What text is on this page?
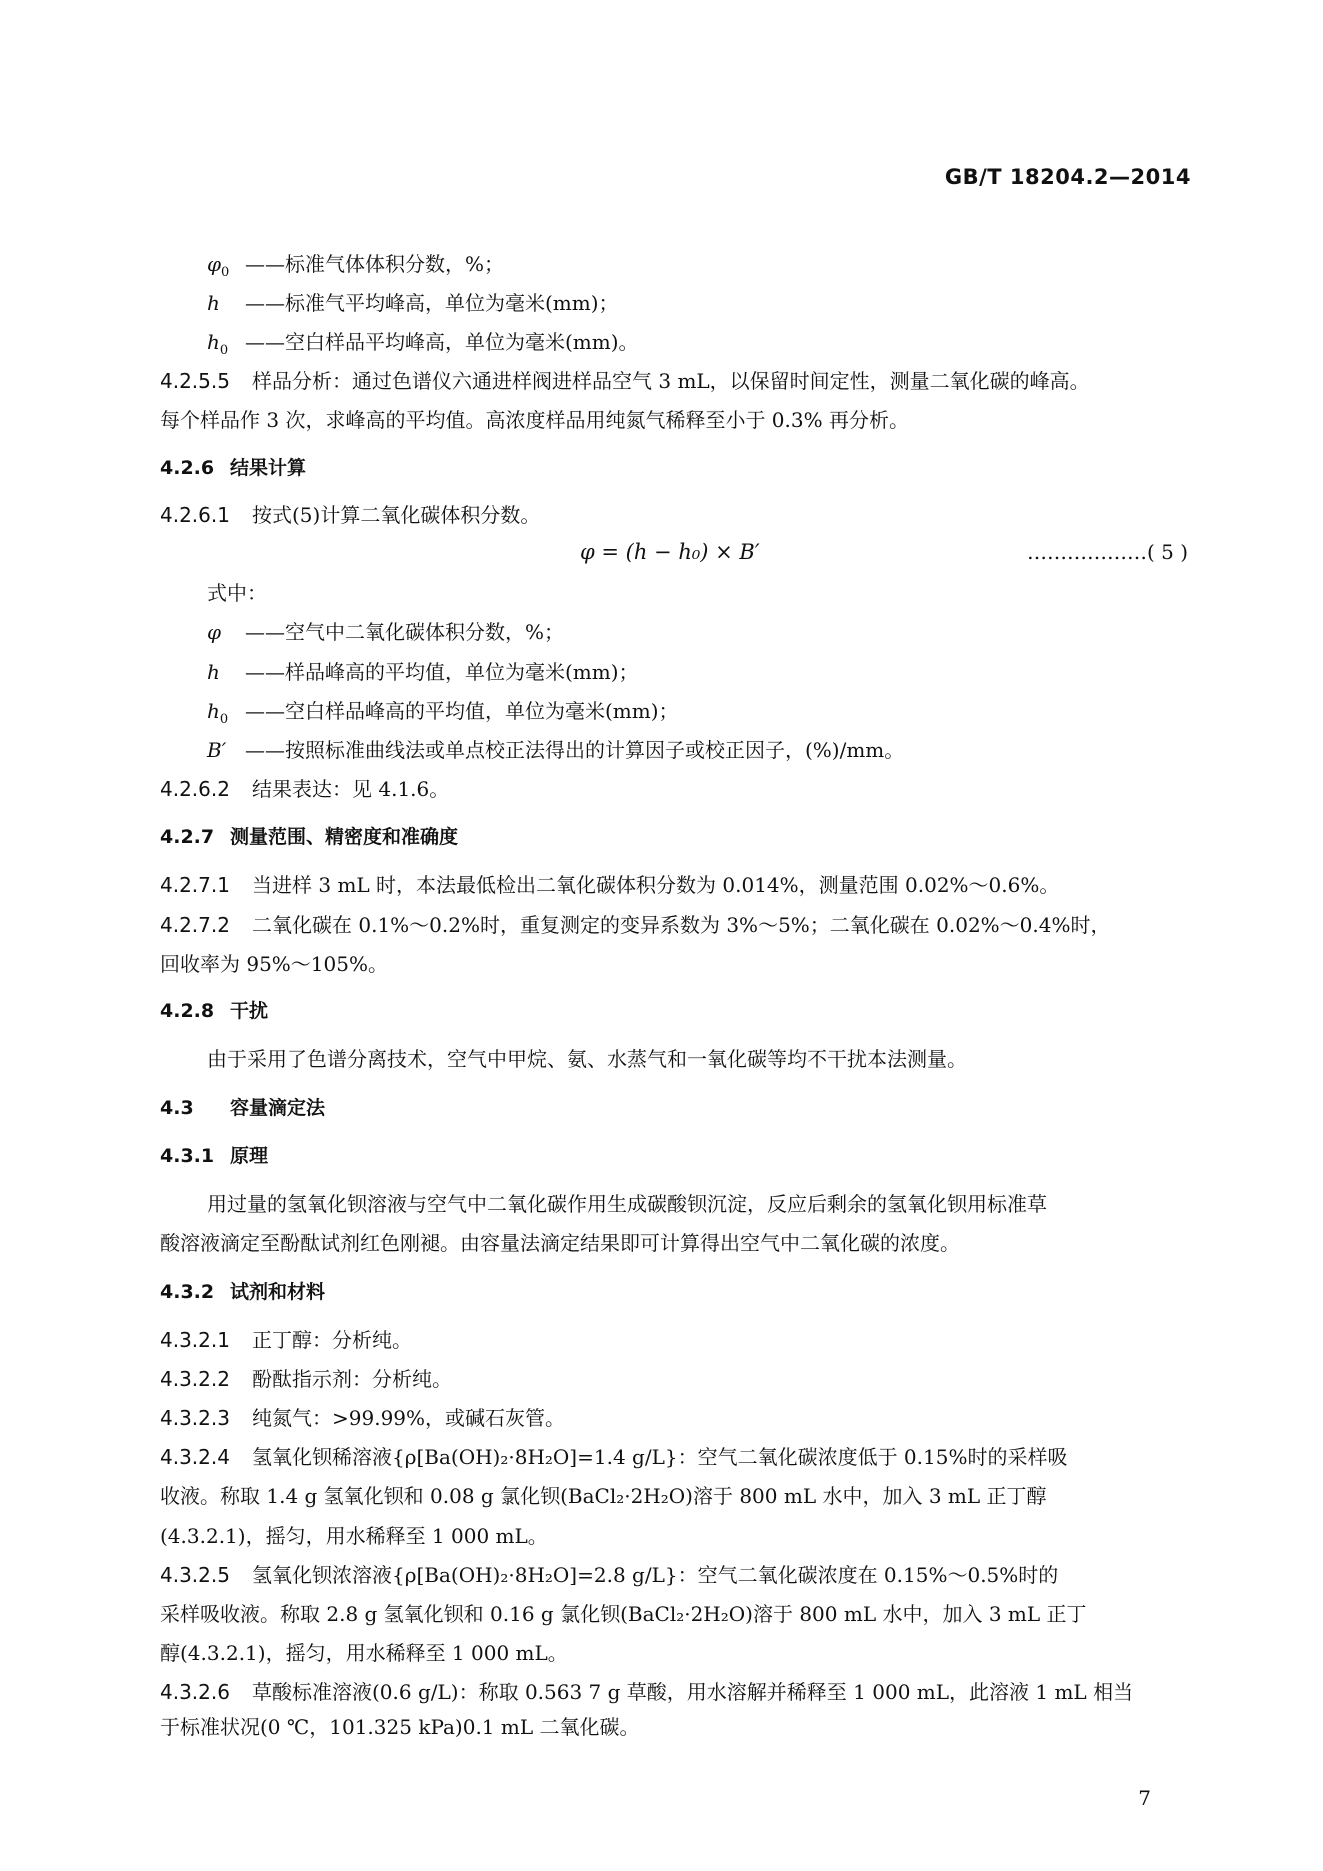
GB/T 18204.2—2014
$\varphi_0$ ——标准气体体积分数，%；
h ——标准气平均峰高，单位为毫米(mm)；
$h_0$ ——空白样品平均峰高，单位为毫米(mm)。
4.2.5.5 样品分析：通过色谱仪六通进样阀进样品空气 3 mL，以保留时间定性，测量二氧化碳的峰高。
每个样品作 3 次，求峰高的平均值。高浓度样品用纯氮气稀释至小于 0.3% 再分析。
4.2.6 结果计算
4.2.6.1 按式(5)计算二氧化碳体积分数。
φ = (h − h₀) × B′	………………( 5 )
式中：
φ ——空气中二氧化碳体积分数，%；
h ——样品峰高的平均值，单位为毫米(mm)；
$h_0$ ——空白样品峰高的平均值，单位为毫米(mm)；
B′ ——按照标准曲线法或单点校正法得出的计算因子或校正因子，(%)/mm。
4.2.6.2 结果表达：见 4.1.6。
4.2.7 测量范围、精密度和准确度
4.2.7.1 当进样 3 mL 时，本法最低检出二氧化碳体积分数为 0.014%，测量范围 0.02%～0.6%。
4.2.7.2 二氧化碳在 0.1%～0.2%时，重复测定的变异系数为 3%～5%；二氧化碳在 0.02%～0.4%时，
回收率为 95%～105%。
4.2.8 干扰
由于采用了色谱分离技术，空气中甲烷、氨、水蒸气和一氧化碳等均不干扰本法测量。
4.3 容量滴定法
4.3.1 原理
用过量的氢氧化钡溶液与空气中二氧化碳作用生成碳酸钡沉淀，反应后剩余的氢氧化钡用标准草
酸溶液滴定至酚酞试剂红色刚褪。由容量法滴定结果即可计算得出空气中二氧化碳的浓度。
4.3.2 试剂和材料
4.3.2.1 正丁醇：分析纯。
4.3.2.2 酚酞指示剂：分析纯。
4.3.2.3 纯氮气：>99.99%，或碱石灰管。
4.3.2.4 氢氧化钡稀溶液{ρ[Ba(OH)₂·8H₂O]=1.4 g/L}：空气二氧化碳浓度低于 0.15%时的采样吸
收液。称取 1.4 g 氢氧化钡和 0.08 g 氯化钡(BaCl₂·2H₂O)溶于 800 mL 水中，加入 3 mL 正丁醇
(4.3.2.1)，摇匀，用水稀释至 1 000 mL。
4.3.2.5 氢氧化钡浓溶液{ρ[Ba(OH)₂·8H₂O]=2.8 g/L}：空气二氧化碳浓度在 0.15%～0.5%时的
采样吸收液。称取 2.8 g 氢氧化钡和 0.16 g 氯化钡(BaCl₂·2H₂O)溶于 800 mL 水中，加入 3 mL 正丁
醇(4.3.2.1)，摇匀，用水稀释至 1 000 mL。
4.3.2.6 草酸标准溶液(0.6 g/L)：称取 0.563 7 g 草酸，用水溶解并稀释至 1 000 mL，此溶液 1 mL 相当
于标准状况(0 ℃，101.325 kPa)0.1 mL 二氧化碳。
7
